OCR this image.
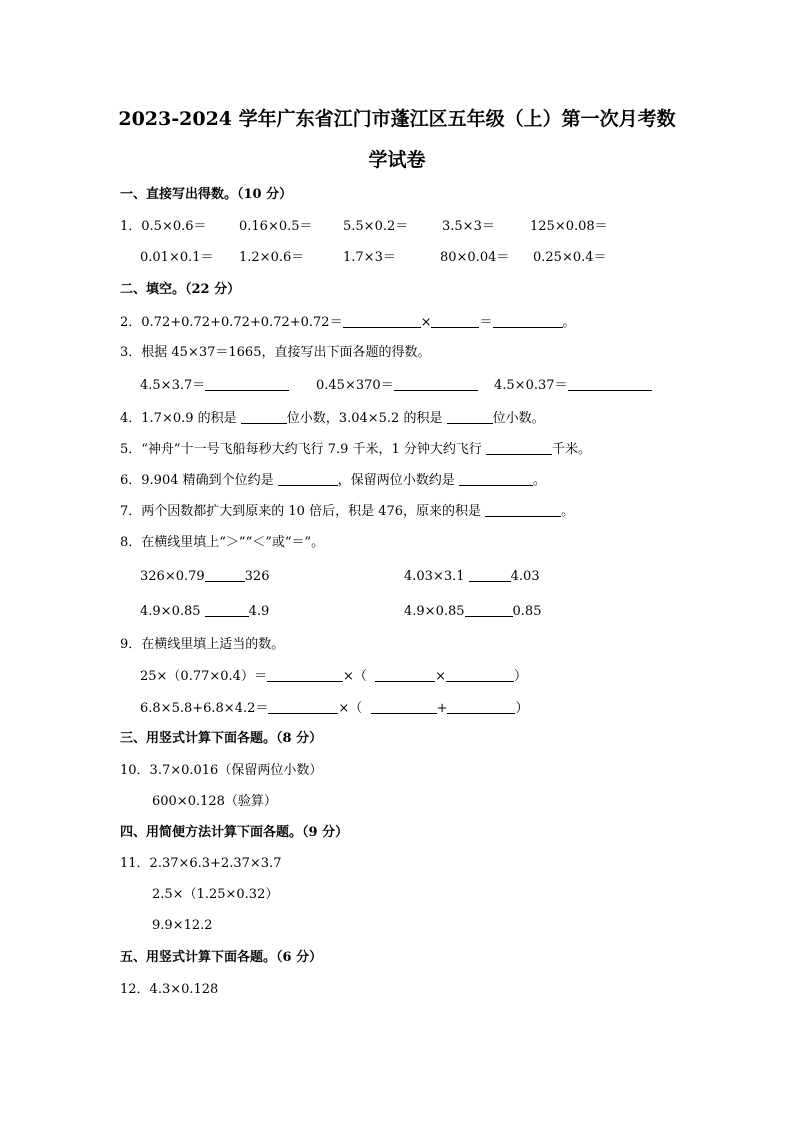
2023-2024 学年广东省江门市蓬江区五年级（上）第一次月考数
学试卷
一、直接写出得数。（10 分）
1．0.5×0.6＝ 0.16×0.5＝ 5.5×0.2＝	3.5×3＝	125×0.08＝
0.01×0.1＝ 1.2×0.6＝	1.7×3＝	80×0.04＝ 0.25×0.4＝
二、填空。（22 分）
2．0.72+0.72+0.72+0.72+0.72＝	×	＝	。
3．根据 45×37＝1665，直接写出下面各题的得数。
4.5×3.7＝	0.45×370＝	4.5×0.37＝
4．1.7×0.9 的积是	位小数，3.04×5.2 的积是	位小数。
5．“神舟”十一号飞船每秒大约飞行 7.9 千米，1 分钟大约飞行	千米。
6．9.904 精确到个位约是	，保留两位小数约是	。
7．两个因数都扩大到原来的 10 倍后，积是 476，原来的积是	。
8．在横线里填上“＞”“＜”或“＝”。
326×0.79	326	4.03×3.1	4.03
4.9×0.85	4.9	4.9×0.85	0.85
9．在横线里填上适当的数。
25×（0.77×0.4）＝	×（	×	）
6.8×5.8+6.8×4.2＝	×（	+	）
三、用竖式计算下面各题。（8 分）
10．3.7×0.016（保留两位小数）
600×0.128（验算）
四、用简便方法计算下面各题。（9 分）
11．2.37×6.3+2.37×3.7
2.5×（1.25×0.32）
9.9×12.2
五、用竖式计算下面各题。（6 分）
12．4.3×0.128
